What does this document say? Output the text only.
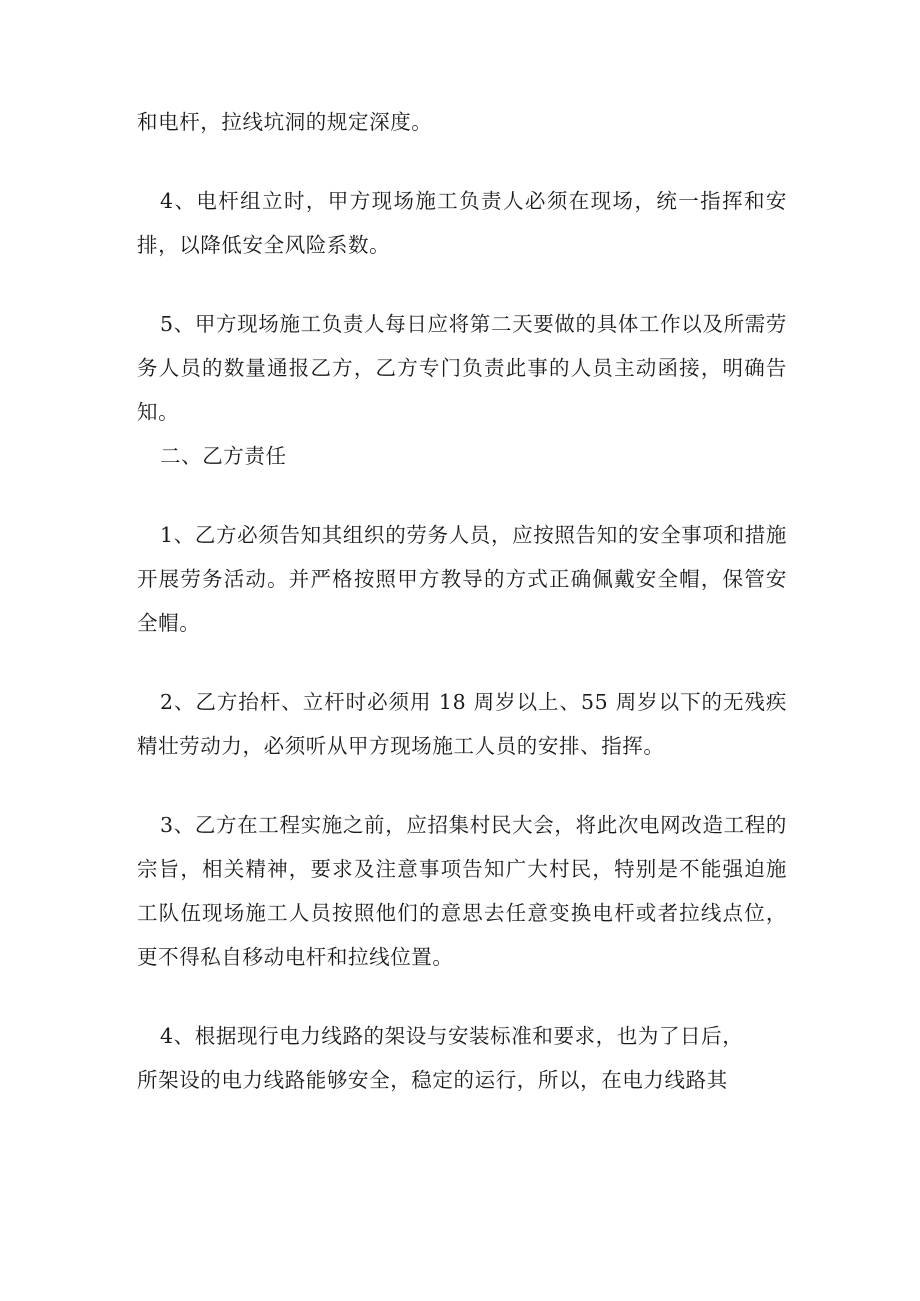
和电杆，拉线坑洞的规定深度。

4、电杆组立时，甲方现场施工负责人必须在现场，统一指挥和安排，以降低安全风险系数。

5、甲方现场施工负责人每日应将第二天要做的具体工作以及所需劳务人员的数量通报乙方，乙方专门负责此事的人员主动函接，明确告知。

二、乙方责任

1、乙方必须告知其组织的劳务人员，应按照告知的安全事项和措施开展劳务活动。并严格按照甲方教导的方式正确佩戴安全帽，保管安全帽。

2、乙方抬杆、立杆时必须用 18 周岁以上、55 周岁以下的无残疾精壮劳动力，必须听从甲方现场施工人员的安排、指挥。

3、乙方在工程实施之前，应招集村民大会，将此次电网改造工程的宗旨，相关精神，要求及注意事项告知广大村民，特别是不能强迫施工队伍现场施工人员按照他们的意思去任意变换电杆或者拉线点位，更不得私自移动电杆和拉线位置。

4、根据现行电力线路的架设与安装标准和要求，也为了日后，

所架设的电力线路能够安全，稳定的运行，所以，在电力线路其
